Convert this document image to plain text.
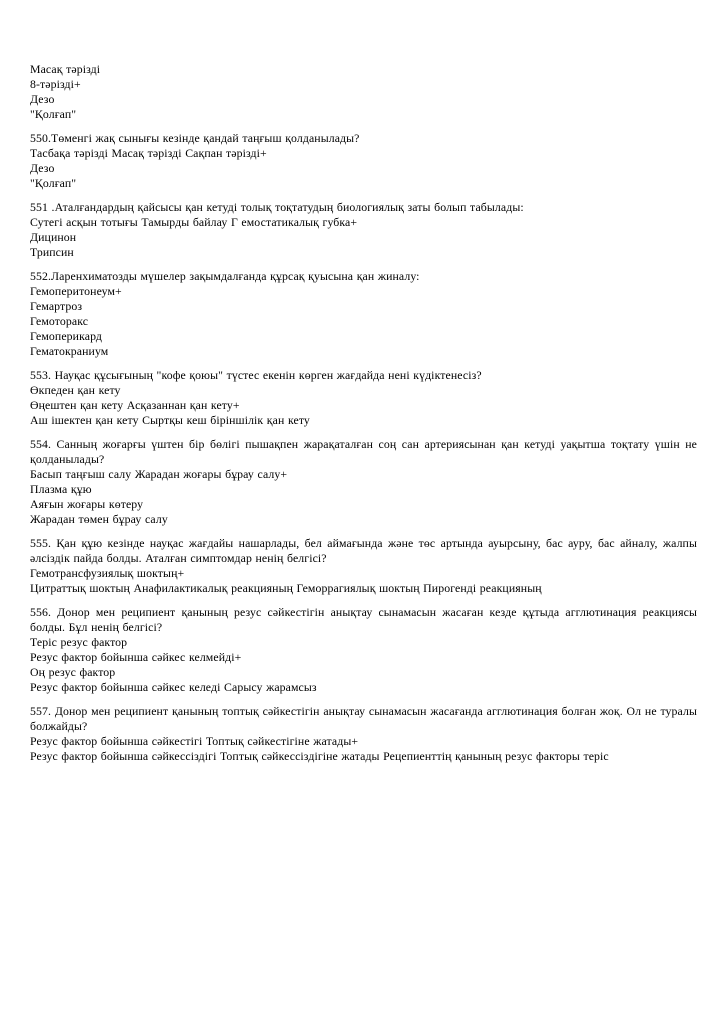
Масақ тәрізді
8-тәрізді+
Дезо
"Қолғап"
550.Төменгі жақ сынығы кезінде қандай таңғыш қолданылады?
Тасбақа тәрізді Масақ тәрізді Сақпан тәрізді+
Дезо
"Қолғап"
551 .Аталғандардың қайсысы қан кетуді толық тоқтатудың биологиялық заты болып табылады:
Сутегі асқын тотығы Тамырды байлау Г емостатикалық губка+
Дицинон
Трипсин
552.Ларенхиматозды мүшелер зақымдалғанда құрсақ қуысына қан жиналу:
Гемоперитонеум+
Гемартроз
Гемоторакс
Гемоперикард
Гематокраниум
553. Науқас құсығының "кофе қоюы" түстес екенін көрген жағдайда нені күдіктенесіз?
Өкпеден қан кету
Өңештен қан кету Асқазаннан қан кету+
Аш ішектен қан кету Сыртқы кеш біріншілік қан кету
554. Санның жоғарғы үштен бір бөлігі пышақпен жарақаталған соң сан артериясынан қан кетуді уақытша тоқтату үшін не қолданылады?
Басып таңғыш салу Жарадан жоғары бұрау салу+
Плазма құю
Аяғын жоғары көтеру
Жарадан төмен бұрау салу
555. Қан құю кезінде науқас жағдайы нашарлады, бел аймағында және төс артында ауырсыну, бас ауру, бас айналу, жалпы әлсіздік пайда болды. Аталған симптомдар ненің белгісі?
Гемотрансфузиялық шоктың+
Цитраттық шоктың Анафилактикалық реакцияның Геморрагиялық шоктың Пирогенді реакцияның
556. Донор мен реципиент қанының резус сәйкестігін анықтау сынамасын жасаған кезде құтыда агглютинация реакциясы болды. Бұл ненің белгісі?
Теріс резус фактор
Резус фактор бойынша сәйкес келмейді+
Оң резус фактор
Резус фактор бойынша сәйкес келеді Сарысу жарамсыз
557. Донор мен реципиент қанының топтық сәйкестігін анықтау сынамасын жасағанда агглютинация болған жоқ. Ол не туралы болжайды?
Резус фактор бойынша сәйкестігі Топтық сәйкестігіне жатады+
Резус фактор бойынша сәйкессіздігі Топтық сәйкессіздігіне жатады Рецепиенттің қанының резус факторы теріс
